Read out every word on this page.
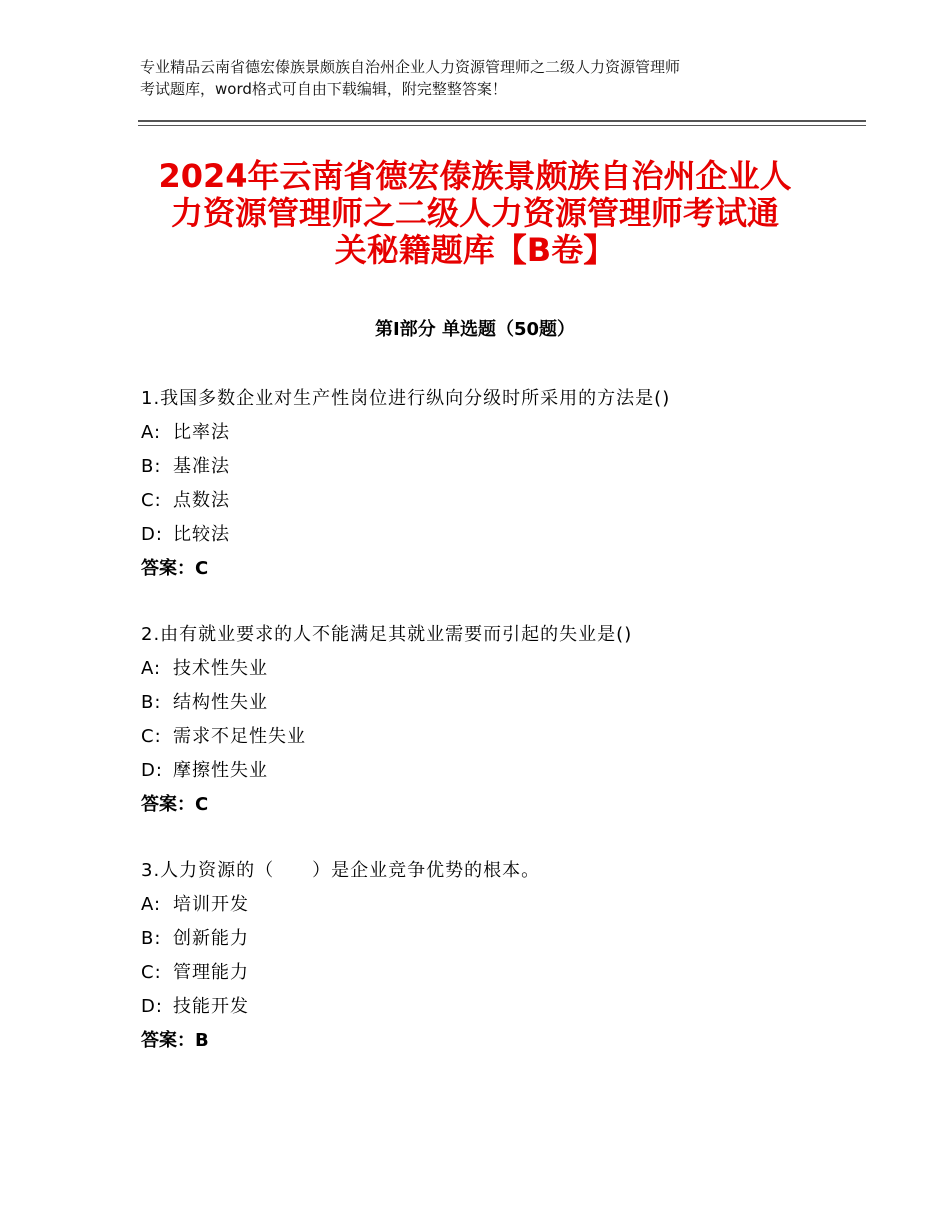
专业精品云南省德宏傣族景颇族自治州企业人力资源管理师之二级人力资源管理师
考试题库，word格式可自由下载编辑，附完整整答案！
2024年云南省德宏傣族景颇族自治州企业人
力资源管理师之二级人力资源管理师考试通
关秘籍题库【B卷】
第Ⅰ部分 单选题（50题）
1.我国多数企业对生产性岗位进行纵向分级时所采用的方法是()
A: 比率法
B: 基准法
C: 点数法
D: 比较法
答案：C
2.由有就业要求的人不能满足其就业需要而引起的失业是()
A: 技术性失业
B: 结构性失业
C: 需求不足性失业
D: 摩擦性失业
答案：C
3.人力资源的（　　）是企业竞争优势的根本。
A: 培训开发
B: 创新能力
C: 管理能力
D: 技能开发
答案：B
